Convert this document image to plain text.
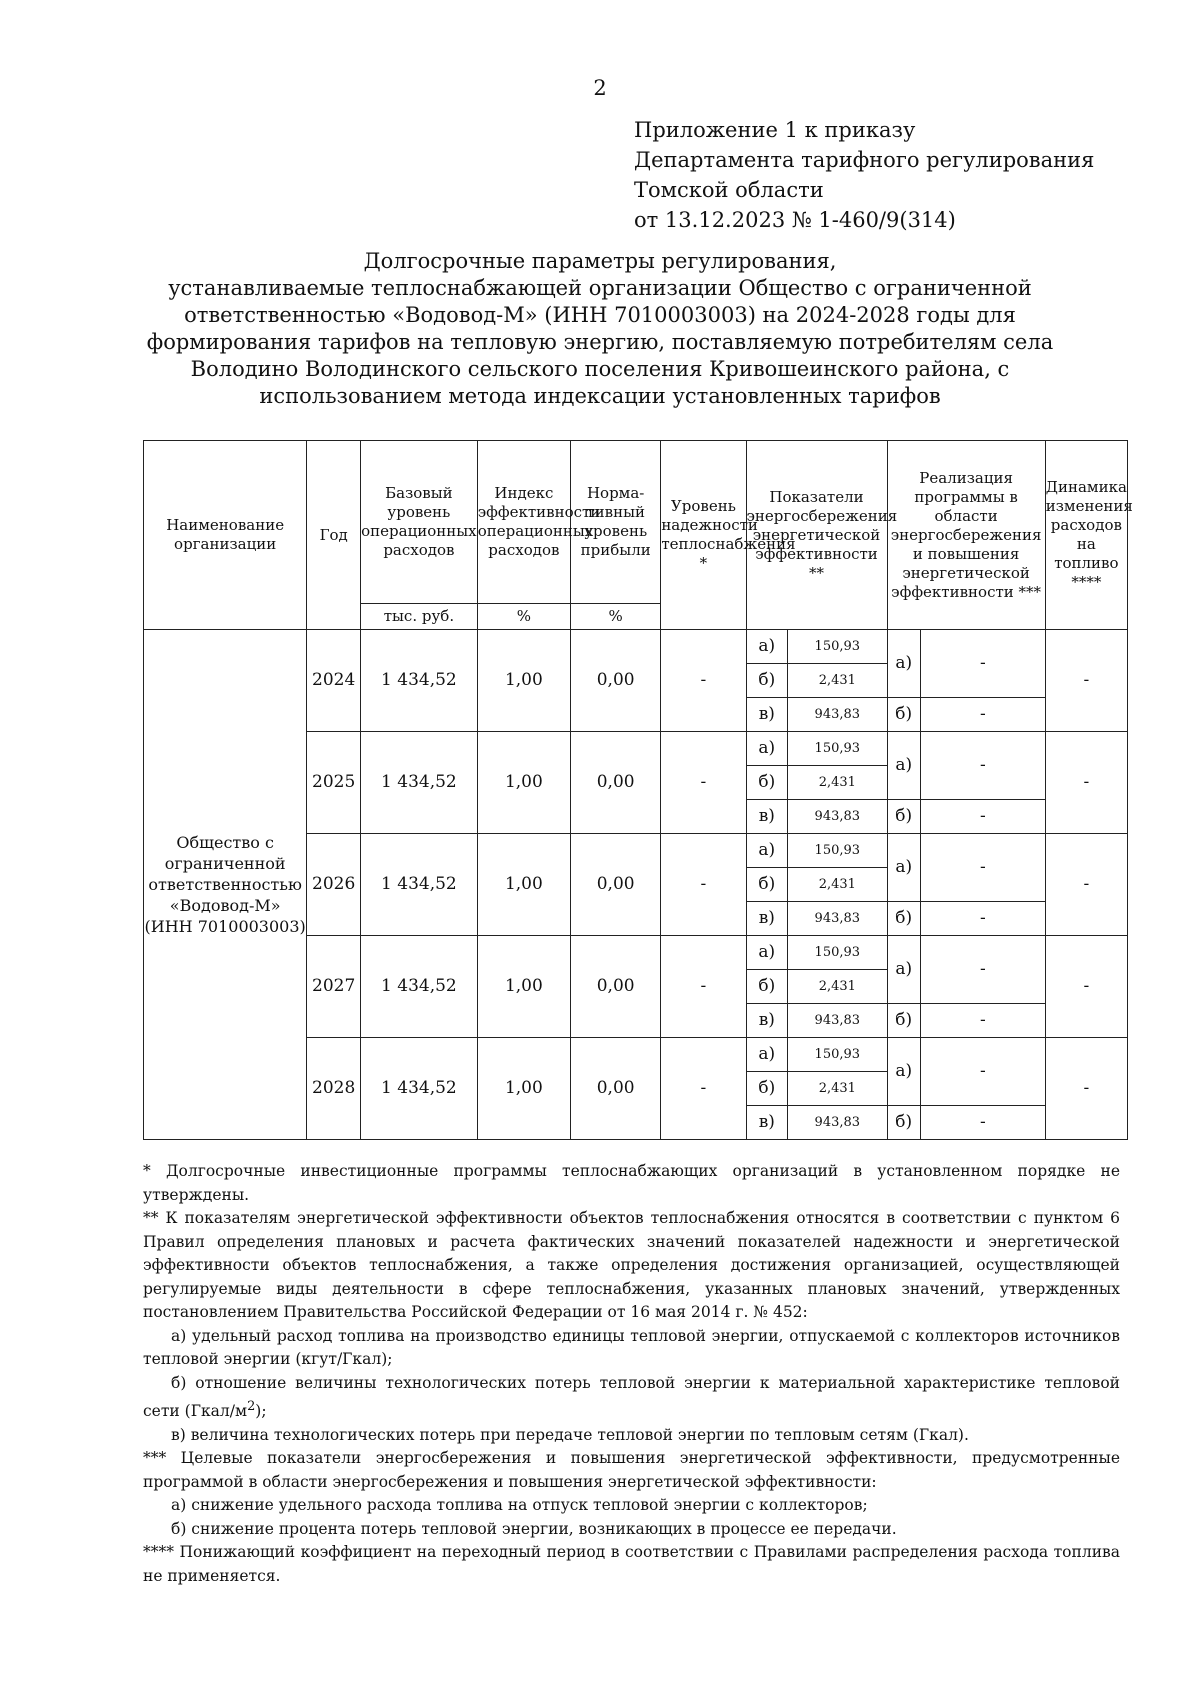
2
Приложение 1 к приказу
Департамента тарифного регулирования
Томской области
от 13.12.2023 № 1-460/9(314)
Долгосрочные параметры регулирования,
устанавливаемые теплоснабжающей организации Общество с ограниченной
ответственностью «Водовод-М» (ИНН 7010003003) на 2024-2028 годы для
формирования тарифов на тепловую энергию, поставляемую потребителям села
Володино Володинского сельского поселения Кривошеинского района, с
использованием метода индексации установленных тарифов
Наименование организации	Год	Базовый уровень операционных расходов	Индекс эффективности операционных расходов	Норма-тивный уровень прибыли	Уровень надежности теплоснабжения *	Показатели энергосбережения энергетической эффективности **		Реализация программы в области энергосбережения и повышения энергетической эффективности ***		Динамика изменения расходов на топливо ****
		тыс. руб.	%	%						
Общество с ограниченной ответственностью «Водовод-М» (ИНН 7010003003)	2024	1 434,52	1,00	0,00	-	а)	150,93	а)	-	-
						б)	2,431			
						в)	943,83	б)	-	
	2025	1 434,52	1,00	0,00	-	а)	150,93	а)	-	-
						б)	2,431			
						в)	943,83	б)	-	
	2026	1 434,52	1,00	0,00	-	а)	150,93	а)	-	-
						б)	2,431			
						в)	943,83	б)	-	
	2027	1 434,52	1,00	0,00	-	а)	150,93	а)	-	-
						б)	2,431			
						в)	943,83	б)	-	
	2028	1 434,52	1,00	0,00	-	а)	150,93	а)	-	-
						б)	2,431			
						в)	943,83	б)	-	

* Долгосрочные инвестиционные программы теплоснабжающих организаций в установленном порядке не утверждены.

** К показателям энергетической эффективности объектов теплоснабжения относятся в соответствии с пунктом 6 Правил определения плановых и расчета фактических значений показателей надежности и энергетической эффективности объектов теплоснабжения, а также определения достижения организацией, осуществляющей регулируемые виды деятельности в сфере теплоснабжения, указанных плановых значений, утвержденных постановлением Правительства Российской Федерации от 16 мая 2014 г. № 452:

а) удельный расход топлива на производство единицы тепловой энергии, отпускаемой с коллекторов источников тепловой энергии (кгут/Гкал);

б) отношение величины технологических потерь тепловой энергии к материальной характеристике тепловой сети $(Гкал/м^2)$;

в) величина технологических потерь при передаче тепловой энергии по тепловым сетям (Гкал).

*** Целевые показатели энергосбережения и повышения энергетической эффективности, предусмотренные программой в области энергосбережения и повышения энергетической эффективности:

а) снижение удельного расхода топлива на отпуск тепловой энергии с коллекторов;

б) снижение процента потерь тепловой энергии, возникающих в процессе ее передачи.

**** Понижающий коэффициент на переходный период в соответствии с Правилами распределения расхода топлива не применяется.
